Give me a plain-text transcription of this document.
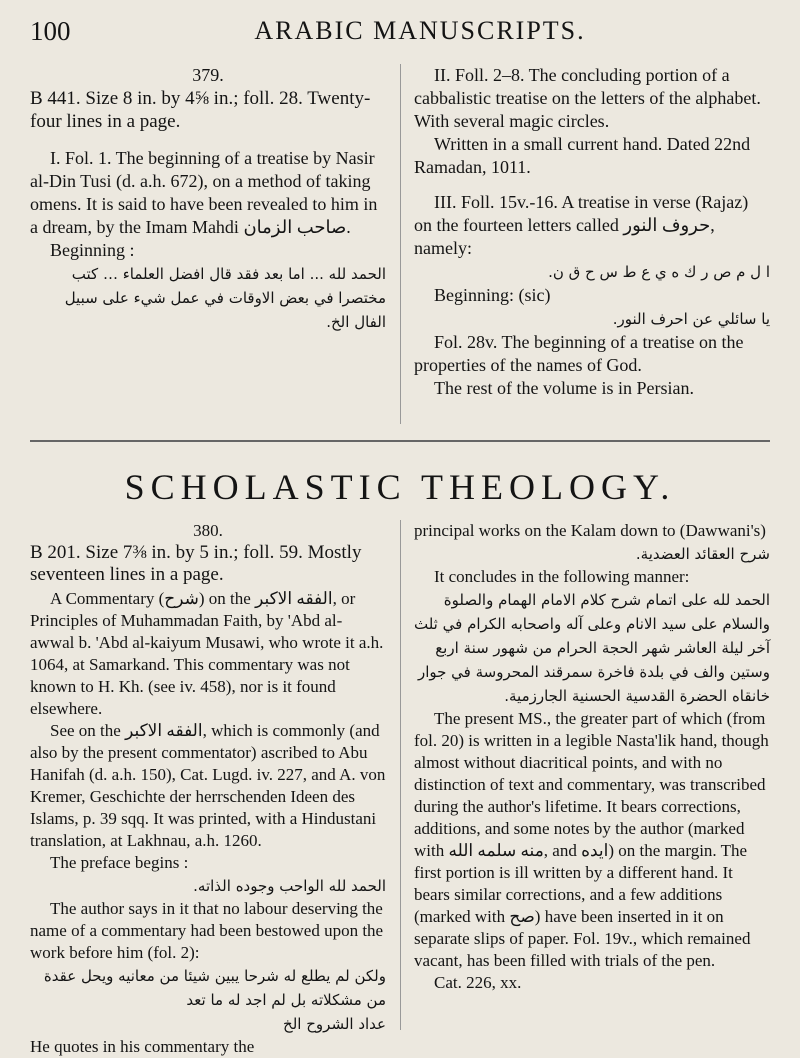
100	ARABIC MANUSCRIPTS.

379.

B 441. Size 8 in. by 4⅝ in.; foll. 28. Twenty-four lines in a page.

I. Fol. 1. The beginning of a treatise by Nasir al-Din Tusi (d. a.h. 672), on a method of taking omens. It is said to have been revealed to him in a dream, by the Imam Mahdi صاحب الزمان.

Beginning :

الحمد لله ... اما بعد فقد قال افضل العلماء … كتب مختصرا في بعض الاوقات في عمل شيء على سبيل الفال الخ.

II. Foll. 2–8. The concluding portion of a cabbalistic treatise on the letters of the alphabet. With several magic circles.

Written in a small current hand. Dated 22nd Ramadan, 1011.

III. Foll. 15v.-16. A treatise in verse (Rajaz) on the fourteen letters called حروف النور, namely:

ا ل م ص ر ك ه ي ع ط س ح ق ن.

Beginning: (sic)

يا سائلي عن احرف النور.

Fol. 28v. The beginning of a treatise on the properties of the names of God.

The rest of the volume is in Persian.

SCHOLASTIC THEOLOGY.

380.

B 201. Size 7⅜ in. by 5 in.; foll. 59. Mostly seventeen lines in a page.

A Commentary (شرح) on the الفقه الاكبر, or Principles of Muhammadan Faith, by 'Abd al-awwal b. 'Abd al-kaiyum Musawi, who wrote it a.h. 1064, at Samarkand. This commentary was not known to H. Kh. (see iv. 458), nor is it found elsewhere.

See on the الفقه الاكبر, which is commonly (and also by the present commentator) ascribed to Abu Hanifah (d. a.h. 150), Cat. Lugd. iv. 227, and A. von Kremer, Geschichte der herrschenden Ideen des Islams, p. 39 sqq. It was printed, with a Hindustani translation, at Lakhnau, a.h. 1260.

The preface begins :

الحمد لله الواحب وجوده الذاته.

The author says in it that no labour deserving the name of a commentary had been bestowed upon the work before him (fol. 2):

ولكن لم يطلع له شرحا يبين شيئا من معانيه ويحل عقدة من مشكلاته بل لم اجد له ما تعد

عداد الشروح الخ

He quotes in his commentary the

principal works on the Kalam down to (Dawwani's)

شرح العقائد العضدية.

It concludes in the following manner:

الحمد لله على اتمام شرح كلام الامام الهمام والصلوة والسلام على سيد الانام وعلى آله واصحابه الكرام في ثلث آخر ليلة العاشر شهر الحجة الحرام من شهور سنة اربع وستين والف في بلدة فاخرة سمرقند المحروسة في جوار خانقاه الحضرة القدسية الحسنية الجارزمية.

The present MS., the greater part of which (from fol. 20) is written in a legible Nasta'lik hand, though almost without diacritical points, and with no distinction of text and commentary, was transcribed during the author's lifetime. It bears corrections, additions, and some notes by the author (marked with منه سلمه الله, and ايده) on the margin. The first portion is ill written by a different hand. It bears similar corrections, and a few additions (marked with صح) have been inserted in it on separate slips of paper. Fol. 19v., which remained vacant, has been filled with trials of the pen.

Cat. 226, xx.
